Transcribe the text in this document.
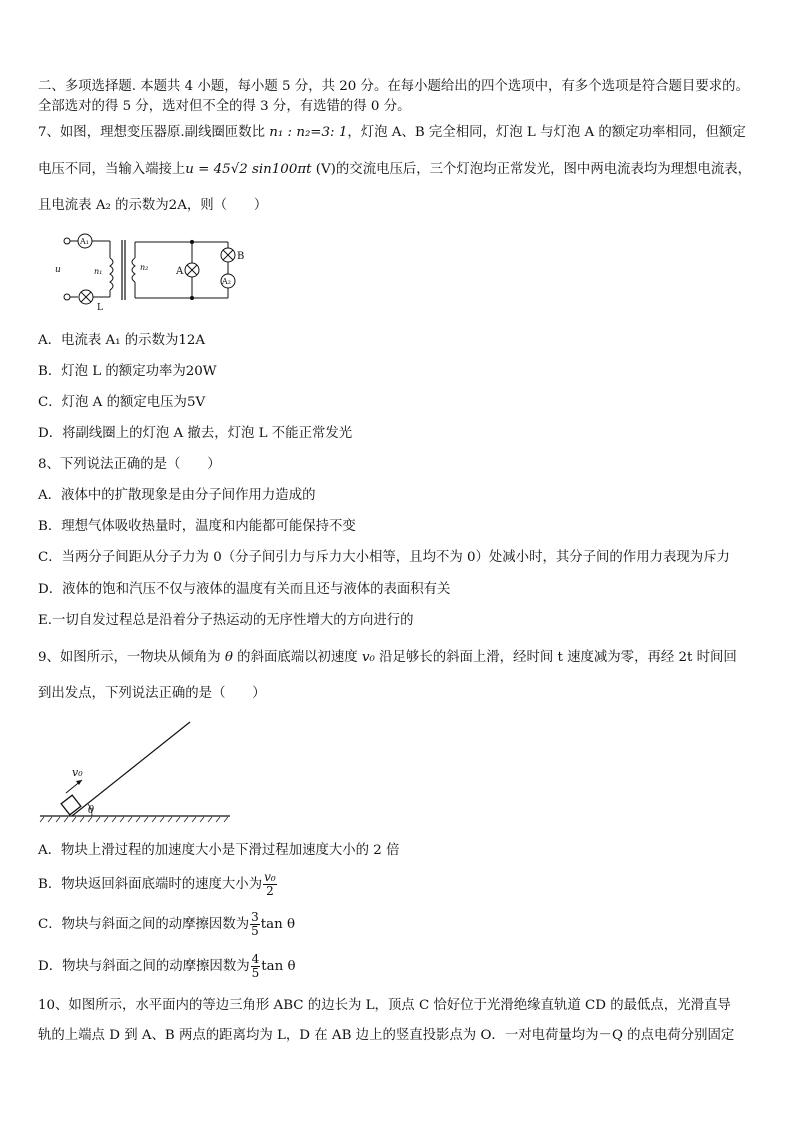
二、多项选择题. 本题共 4 小题，每小题 5 分，共 20 分。在每小题给出的四个选项中，有多个选项是符合题目要求的。
全部选对的得 5 分，选对但不全的得 3 分，有选错的得 0 分。
7、如图，理想变压器原.副线圈匝数比 n₁ : n₂=3: 1，灯泡 A、B 完全相同，灯泡 L 与灯泡 A 的额定功率相同，但额定
电压不同，当输入端接上u = 45√2 sin100πt (V)的交流电压后，三个灯泡均正常发光，图中两电流表均为理想电流表，
且电流表 A₂ 的示数为2A，则（　　）
A₁
u	n₁	n₂	A
B
A₂
L
A．电流表 A₁ 的示数为12A
B．灯泡 L 的额定功率为20W
C．灯泡 A 的额定电压为5V
D．将副线圈上的灯泡 A 撤去，灯泡 L 不能正常发光
8、下列说法正确的是（　　）
A．液体中的扩散现象是由分子间作用力造成的
B．理想气体吸收热量时，温度和内能都可能保持不变
C．当两分子间距从分子力为 0（分子间引力与斥力大小相等，且均不为 0）处减小时，其分子间的作用力表现为斥力
D．液体的饱和汽压不仅与液体的温度有关而且还与液体的表面积有关
E.一切自发过程总是沿着分子热运动的无序性增大的方向进行的
9、如图所示，一物块从倾角为 θ 的斜面底端以初速度 v₀ 沿足够长的斜面上滑，经时间 t 速度减为零，再经 2t 时间回
到出发点，下列说法正确的是（　　）
v₀
θ
A．物块上滑过程的加速度大小是下滑过程加速度大小的 2 倍
B．物块返回斜面底端时的速度大小为 $\frac{\text{v₀}}{2}$
C．物块与斜面之间的动摩擦因数为 $\frac{3}{5}$ tan θ
D．物块与斜面之间的动摩擦因数为 $\frac{4}{5}$ tan θ
10、如图所示，水平面内的等边三角形 ABC 的边长为 L，顶点 C 恰好位于光滑绝缘直轨道 CD 的最低点，光滑直导
轨的上端点 D 到 A、B 两点的距离均为 L，D 在 AB 边上的竖直投影点为 O．一对电荷量均为－Q 的点电荷分别固定
